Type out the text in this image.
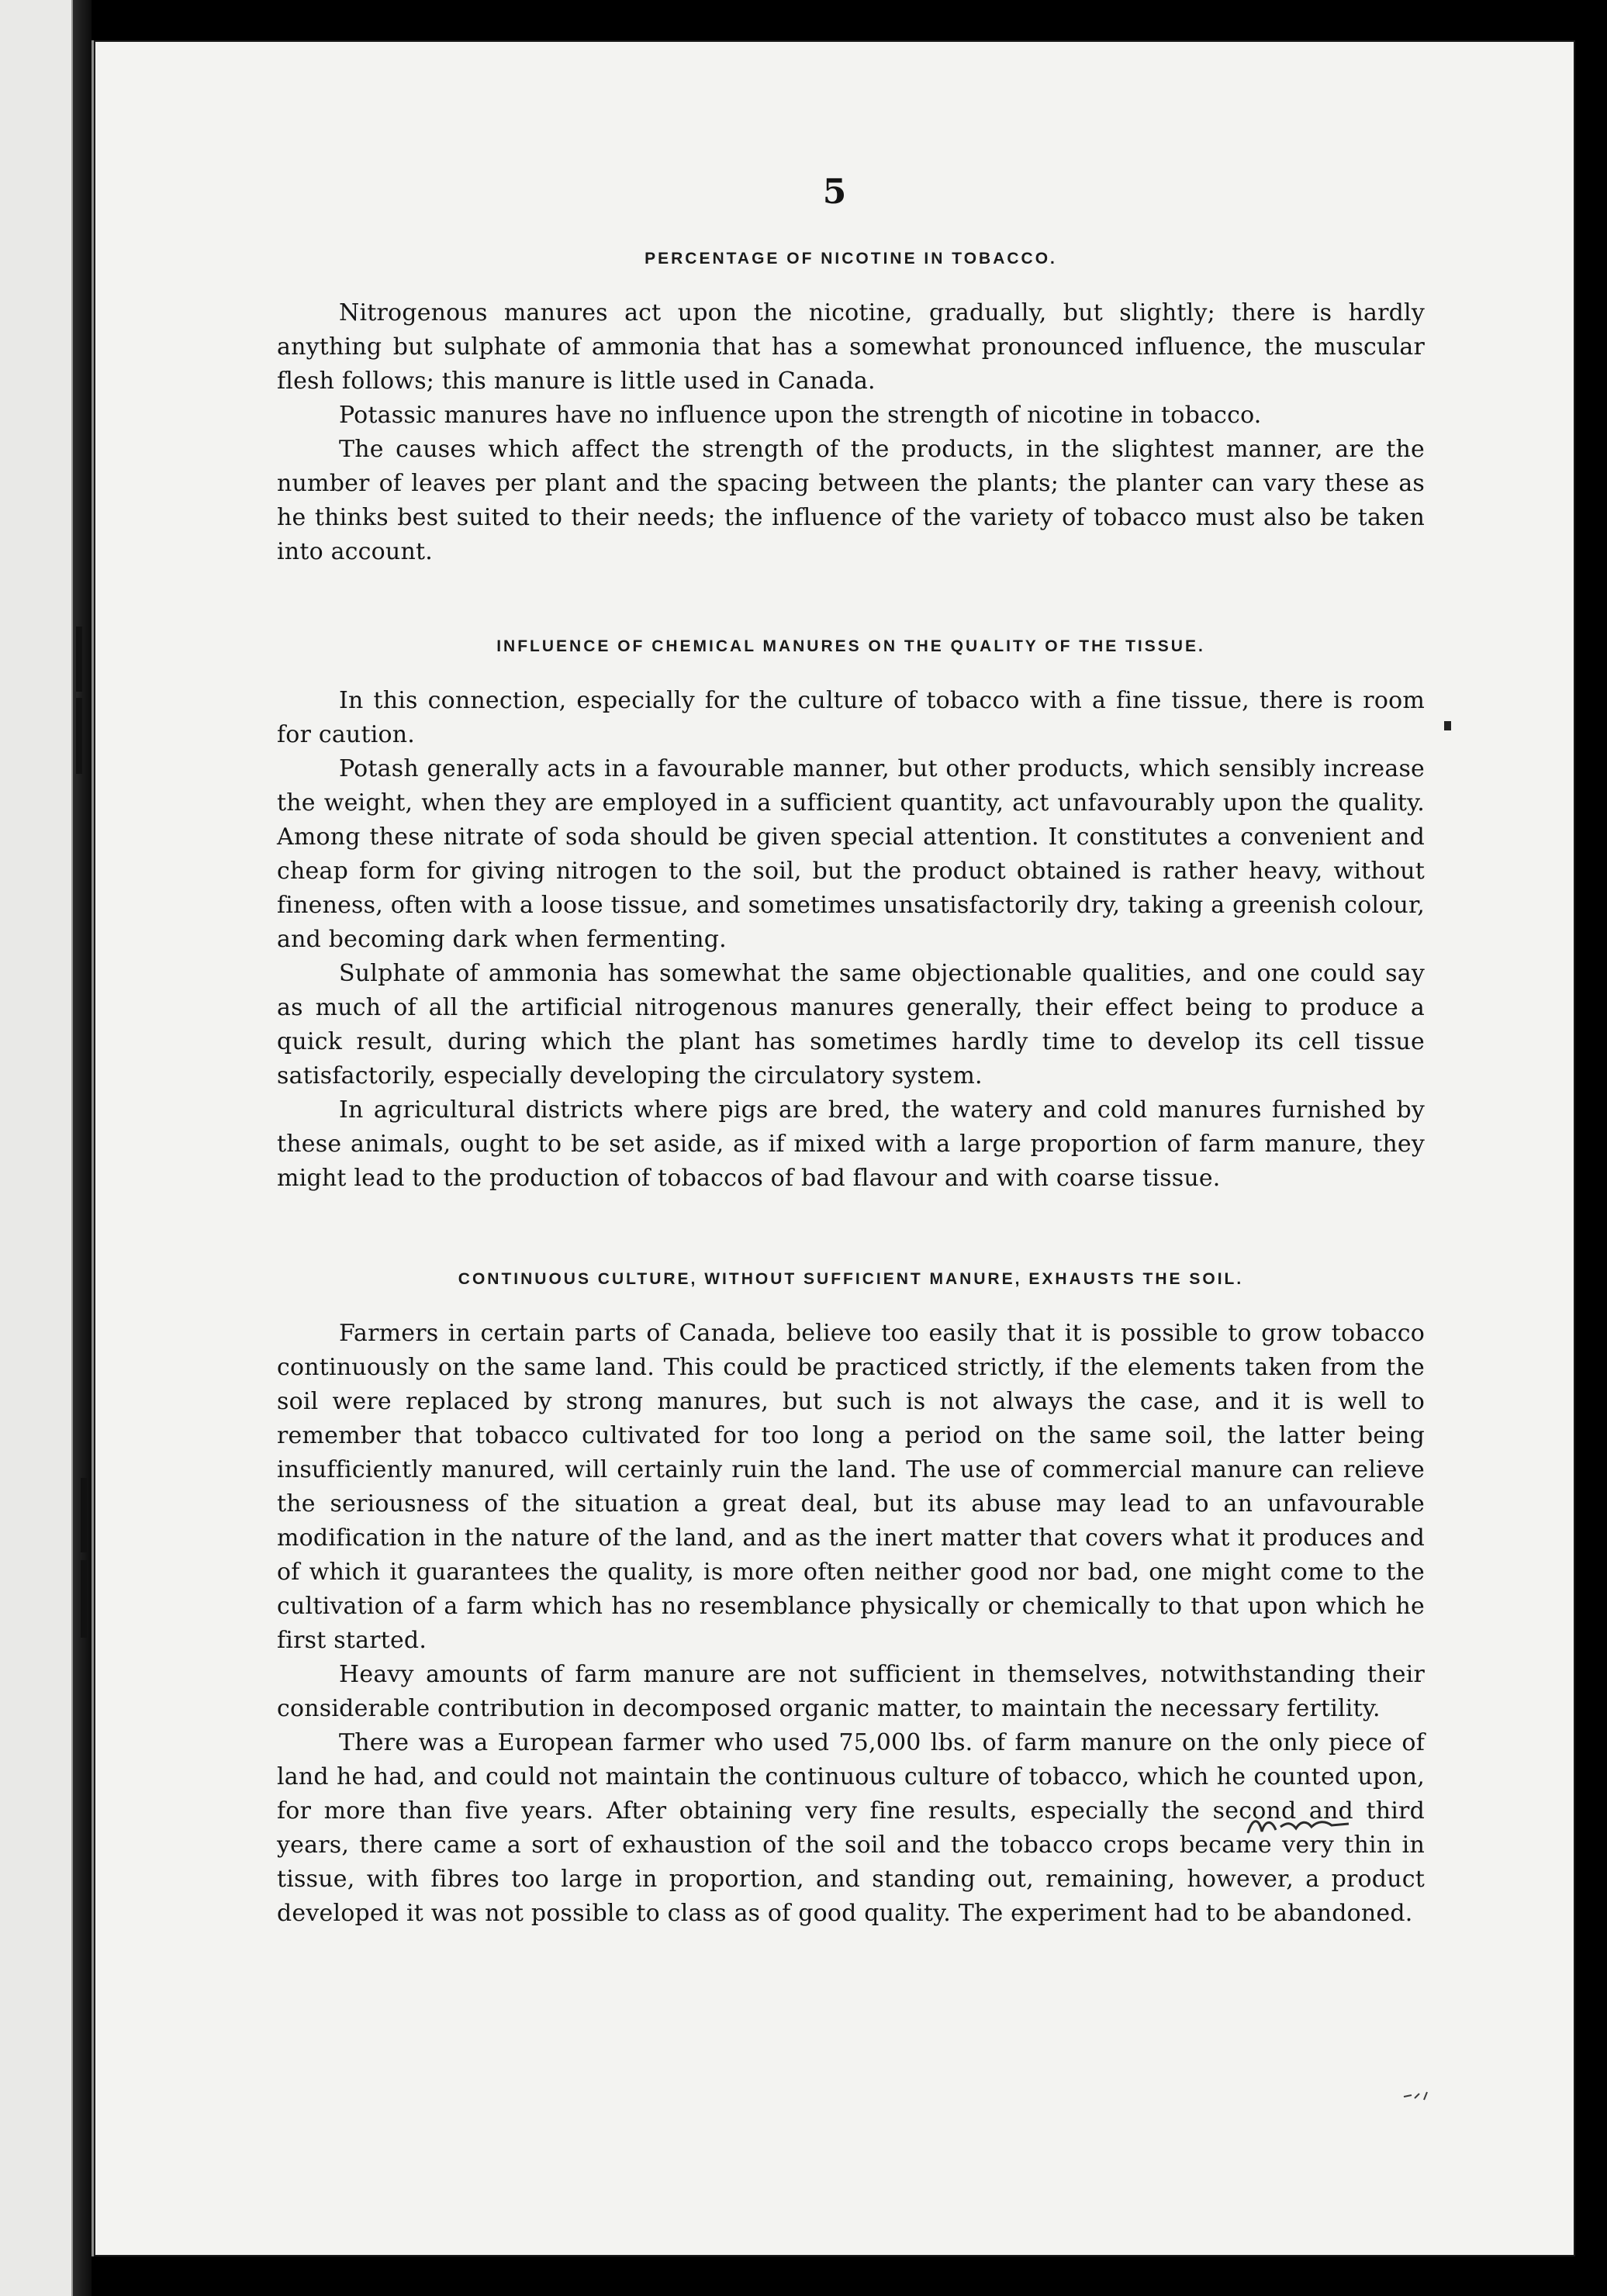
5
PERCENTAGE OF NICOTINE IN TOBACCO.

Nitrogenous manures act upon the nicotine, gradually, but slightly; there is hardly anything but sulphate of ammonia that has a somewhat pronounced influence, the muscular flesh follows; this manure is little used in Canada.

Potassic manures have no influence upon the strength of nicotine in tobacco.

The causes which affect the strength of the products, in the slightest manner, are the number of leaves per plant and the spacing between the plants; the planter can vary these as he thinks best suited to their needs; the influence of the variety of tobacco must also be taken into account.

INFLUENCE OF CHEMICAL MANURES ON THE QUALITY OF THE TISSUE.

In this connection, especially for the culture of tobacco with a fine tissue, there is room for caution.

Potash generally acts in a favourable manner, but other products, which sensibly increase the weight, when they are employed in a sufficient quantity, act unfavourably upon the quality. Among these nitrate of soda should be given special attention. It constitutes a convenient and cheap form for giving nitrogen to the soil, but the product obtained is rather heavy, without fineness, often with a loose tissue, and sometimes unsatisfactorily dry, taking a greenish colour, and becoming dark when fermenting.

Sulphate of ammonia has somewhat the same objectionable qualities, and one could say as much of all the artificial nitrogenous manures generally, their effect being to produce a quick result, during which the plant has sometimes hardly time to develop its cell tissue satisfactorily, especially developing the circulatory system.

In agricultural districts where pigs are bred, the watery and cold manures furnished by these animals, ought to be set aside, as if mixed with a large proportion of farm manure, they might lead to the production of tobaccos of bad flavour and with coarse tissue.

CONTINUOUS CULTURE, WITHOUT SUFFICIENT MANURE, EXHAUSTS THE SOIL.

Farmers in certain parts of Canada, believe too easily that it is possible to grow tobacco continuously on the same land. This could be practiced strictly, if the elements taken from the soil were replaced by strong manures, but such is not always the case, and it is well to remember that tobacco cultivated for too long a period on the same soil, the latter being insufficiently manured, will certainly ruin the land. The use of commercial manure can relieve the seriousness of the situation a great deal, but its abuse may lead to an unfavourable modification in the nature of the land, and as the inert matter that covers what it produces and of which it guarantees the quality, is more often neither good nor bad, one might come to the cultivation of a farm which has no resemblance physically or chemically to that upon which he first started.

Heavy amounts of farm manure are not sufficient in themselves, notwithstanding their considerable contribution in decomposed organic matter, to maintain the necessary fertility.

There was a European farmer who used 75,000 lbs. of farm manure on the only piece of land he had, and could not maintain the continuous culture of tobacco, which he counted upon, for more than five years. After obtaining very fine results, especially the second and third years, there came a sort of exhaustion of the soil and the tobacco crops became very thin in tissue, with fibres too large in proportion, and standing out, remaining, however, a product developed it was not possible to class as of good quality. The experiment had to be abandoned.
